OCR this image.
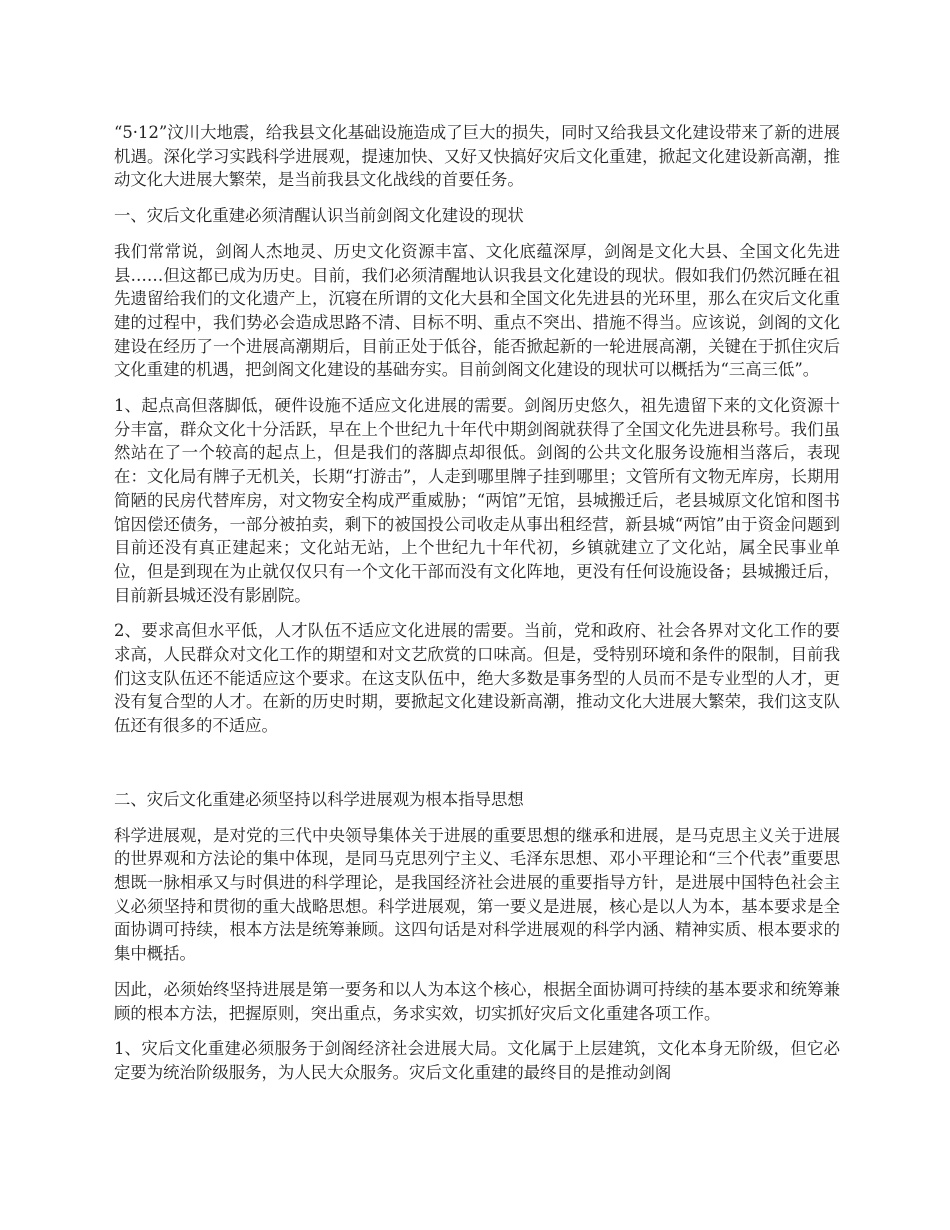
“5·12”汶川大地震，给我县文化基础设施造成了巨大的损失，同时又给我县文化建设带来了新的进展机遇。深化学习实践科学进展观，提速加快、又好又快搞好灾后文化重建，掀起文化建设新高潮，推动文化大进展大繁荣，是当前我县文化战线的首要任务。

一、灾后文化重建必须清醒认识当前剑阁文化建设的现状

我们常常说，剑阁人杰地灵、历史文化资源丰富、文化底蕴深厚，剑阁是文化大县、全国文化先进县……但这都已成为历史。目前，我们必须清醒地认识我县文化建设的现状。假如我们仍然沉睡在祖先遗留给我们的文化遗产上，沉寝在所谓的文化大县和全国文化先进县的光环里，那么在灾后文化重建的过程中，我们势必会造成思路不清、目标不明、重点不突出、措施不得当。应该说，剑阁的文化建设在经历了一个进展高潮期后，目前正处于低谷，能否掀起新的一轮进展高潮，关键在于抓住灾后文化重建的机遇，把剑阁文化建设的基础夯实。目前剑阁文化建设的现状可以概括为“三高三低”。

1、起点高但落脚低，硬件设施不适应文化进展的需要。剑阁历史悠久，祖先遗留下来的文化资源十分丰富，群众文化十分活跃，早在上个世纪九十年代中期剑阁就获得了全国文化先进县称号。我们虽然站在了一个较高的起点上，但是我们的落脚点却很低。剑阁的公共文化服务设施相当落后，表现在：文化局有牌子无机关，长期“打游击”，人走到哪里牌子挂到哪里；文管所有文物无库房，长期用简陋的民房代替库房，对文物安全构成严重威胁；“两馆”无馆，县城搬迁后，老县城原文化馆和图书馆因偿还债务，一部分被拍卖，剩下的被国投公司收走从事出租经营，新县城“两馆”由于资金问题到目前还没有真正建起来；文化站无站，上个世纪九十年代初，乡镇就建立了文化站，属全民事业单位，但是到现在为止就仅仅只有一个文化干部而没有文化阵地，更没有任何设施设备；县城搬迁后，目前新县城还没有影剧院。

2、要求高但水平低，人才队伍不适应文化进展的需要。当前，党和政府、社会各界对文化工作的要求高，人民群众对文化工作的期望和对文艺欣赏的口味高。但是，受特别环境和条件的限制，目前我们这支队伍还不能适应这个要求。在这支队伍中，绝大多数是事务型的人员而不是专业型的人才，更没有复合型的人才。在新的历史时期，要掀起文化建设新高潮，推动文化大进展大繁荣，我们这支队伍还有很多的不适应。

二、灾后文化重建必须坚持以科学进展观为根本指导思想

科学进展观，是对党的三代中央领导集体关于进展的重要思想的继承和进展，是马克思主义关于进展的世界观和方法论的集中体现，是同马克思列宁主义、毛泽东思想、邓小平理论和“三个代表”重要思想既一脉相承又与时俱进的科学理论，是我国经济社会进展的重要指导方针，是进展中国特色社会主义必须坚持和贯彻的重大战略思想。科学进展观，第一要义是进展，核心是以人为本，基本要求是全面协调可持续，根本方法是统筹兼顾。这四句话是对科学进展观的科学内涵、精神实质、根本要求的集中概括。

因此，必须始终坚持进展是第一要务和以人为本这个核心，根据全面协调可持续的基本要求和统筹兼顾的根本方法，把握原则，突出重点，务求实效，切实抓好灾后文化重建各项工作。

1、灾后文化重建必须服务于剑阁经济社会进展大局。文化属于上层建筑，文化本身无阶级，但它必定要为统治阶级服务，为人民大众服务。灾后文化重建的最终目的是推动剑阁
